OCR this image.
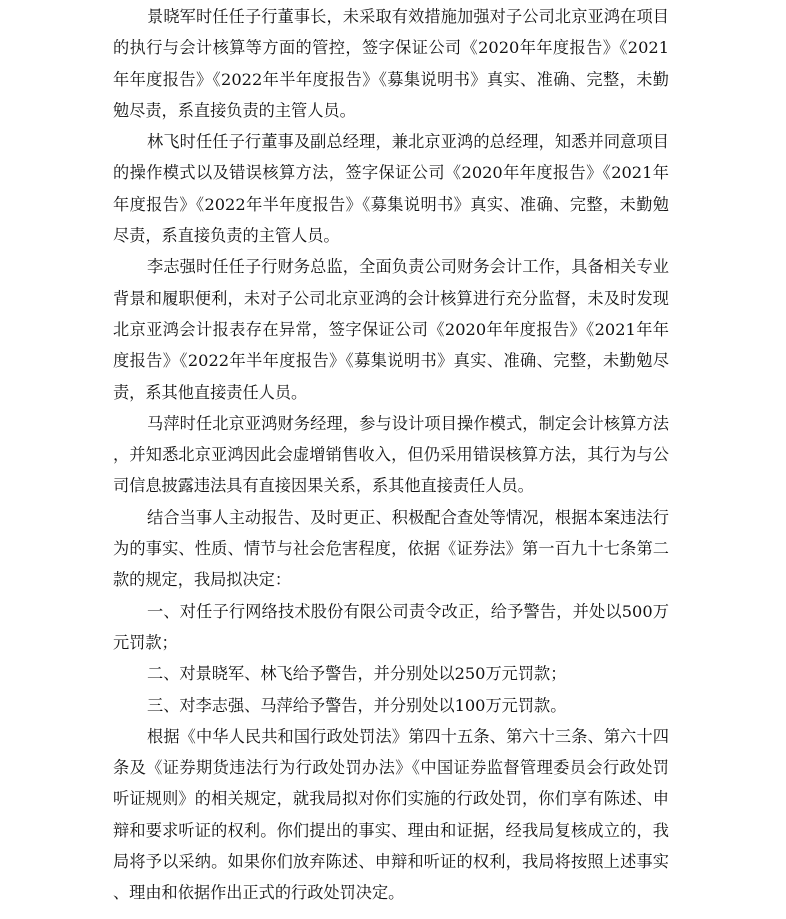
景晓军时任任子行董事长，未采取有效措施加强对子公司北京亚鸿在项目的执行与会计核算等方面的管控，签字保证公司《2020年年度报告》《2021年年度报告》《2022年半年度报告》《募集说明书》真实、准确、完整，未勤勉尽责，系直接负责的主管人员。

林飞时任任子行董事及副总经理，兼北京亚鸿的总经理，知悉并同意项目的操作模式以及错误核算方法，签字保证公司《2020年年度报告》《2021年年度报告》《2022年半年度报告》《募集说明书》真实、准确、完整，未勤勉尽责，系直接负责的主管人员。

李志强时任任子行财务总监，全面负责公司财务会计工作，具备相关专业背景和履职便利，未对子公司北京亚鸿的会计核算进行充分监督，未及时发现北京亚鸿会计报表存在异常，签字保证公司《2020年年度报告》《2021年年度报告》《2022年半年度报告》《募集说明书》真实、准确、完整，未勤勉尽责，系其他直接责任人员。

马萍时任北京亚鸿财务经理，参与设计项目操作模式，制定会计核算方法，并知悉北京亚鸿因此会虚增销售收入，但仍采用错误核算方法，其行为与公司信息披露违法具有直接因果关系，系其他直接责任人员。

结合当事人主动报告、及时更正、积极配合查处等情况，根据本案违法行为的事实、性质、情节与社会危害程度，依据《证券法》第一百九十七条第二款的规定，我局拟决定：

一、对任子行网络技术股份有限公司责令改正，给予警告，并处以500万元罚款；

二、对景晓军、林飞给予警告，并分别处以250万元罚款；

三、对李志强、马萍给予警告，并分别处以100万元罚款。

根据《中华人民共和国行政处罚法》第四十五条、第六十三条、第六十四条及《证券期货违法行为行政处罚办法》《中国证券监督管理委员会行政处罚听证规则》的相关规定，就我局拟对你们实施的行政处罚，你们享有陈述、申辩和要求听证的权利。你们提出的事实、理由和证据，经我局复核成立的，我局将予以采纳。如果你们放弃陈述、申辩和听证的权利，我局将按照上述事实、理由和依据作出正式的行政处罚决定。
